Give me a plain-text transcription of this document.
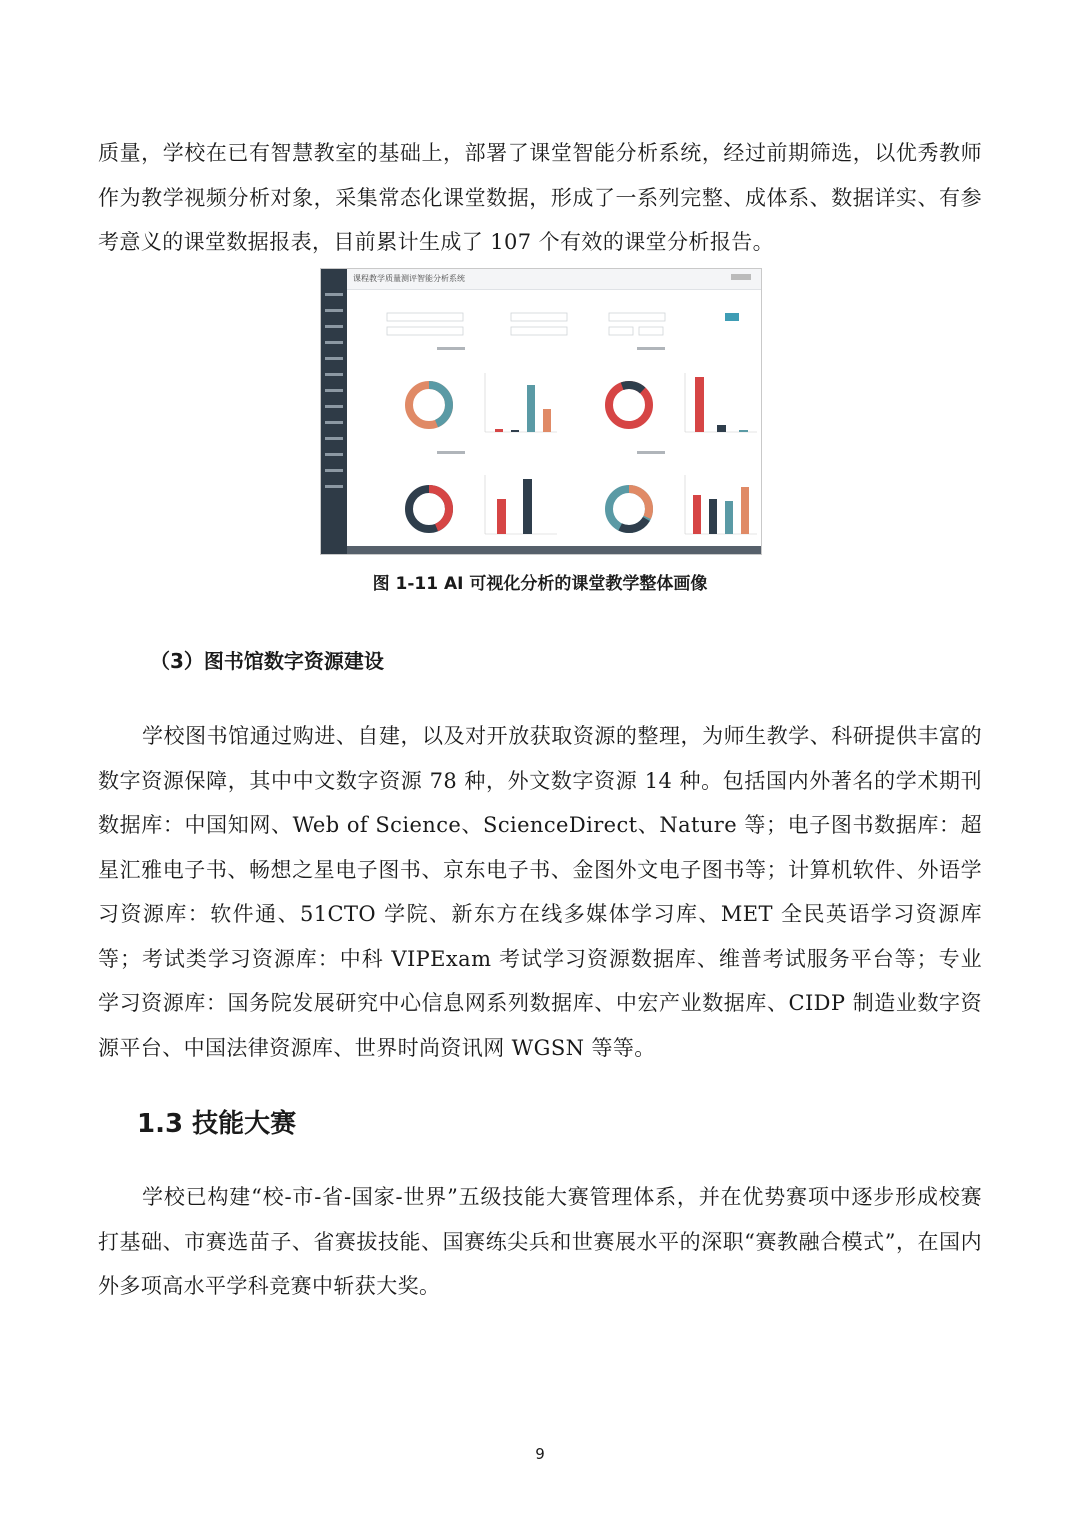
质量，学校在已有智慧教室的基础上，部署了课堂智能分析系统，经过前期筛选，以优秀教师作为教学视频分析对象，采集常态化课堂数据，形成了一系列完整、成体系、数据详实、有参考意义的课堂数据报表，目前累计生成了 107 个有效的课堂分析报告。

课程教学质量测评智能分析系统

图 1-11 AI 可视化分析的课堂教学整体画像

（3）图书馆数字资源建设

学校图书馆通过购进、自建，以及对开放获取资源的整理，为师生教学、科研提供丰富的数字资源保障，其中中文数字资源 78 种，外文数字资源 14 种。包括国内外著名的学术期刊数据库：中国知网、Web of Science、ScienceDirect、Nature 等；电子图书数据库：超星汇雅电子书、畅想之星电子图书、京东电子书、金图外文电子图书等；计算机软件、外语学习资源库：软件通、51CTO 学院、新东方在线多媒体学习库、MET 全民英语学习资源库等；考试类学习资源库：中科 VIPExam 考试学习资源数据库、维普考试服务平台等；专业学习资源库：国务院发展研究中心信息网系列数据库、中宏产业数据库、CIDP 制造业数字资源平台、中国法律资源库、世界时尚资讯网 WGSN 等等。

1.3 技能大赛

学校已构建“校-市-省-国家-世界”五级技能大赛管理体系，并在优势赛项中逐步形成校赛打基础、市赛选苗子、省赛拔技能、国赛练尖兵和世赛展水平的深职“赛教融合模式”，在国内外多项高水平学科竞赛中斩获大奖。

9
